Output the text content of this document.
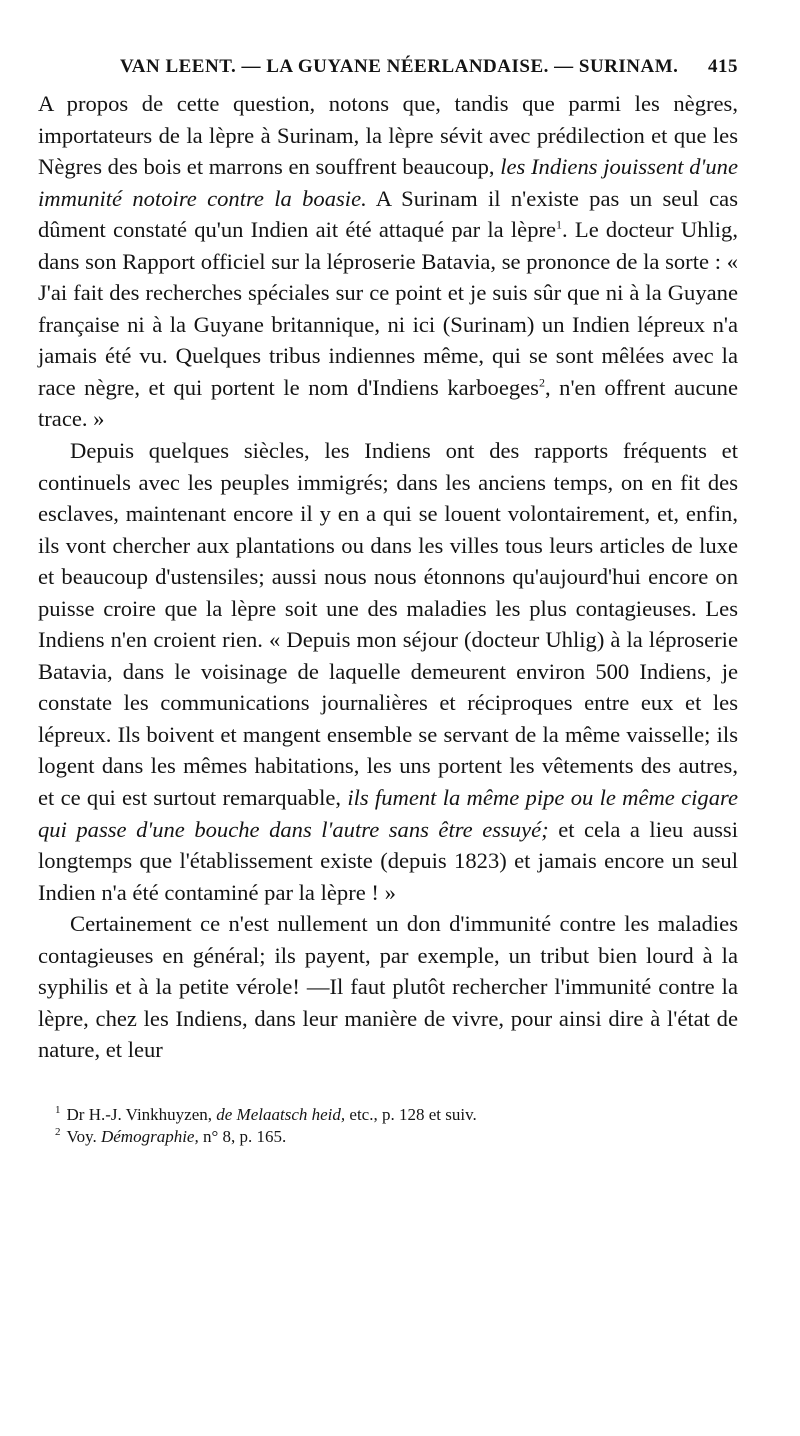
VAN LEENT. — LA GUYANE NÉERLANDAISE. — SURINAM. 415

A propos de cette question, notons que, tandis que parmi les nègres, importateurs de la lèpre à Surinam, la lèpre sévit avec prédilection et que les Nègres des bois et marrons en souffrent beaucoup, les Indiens jouissent d'une immunité notoire contre la boasie. A Surinam il n'existe pas un seul cas dûment constaté qu'un Indien ait été attaqué par la lèpre$^1$. Le docteur Uhlig, dans son Rapport officiel sur la léproserie Batavia, se prononce de la sorte : « J'ai fait des recherches spéciales sur ce point et je suis sûr que ni à la Guyane française ni à la Guyane britannique, ni ici (Surinam) un Indien lépreux n'a jamais été vu. Quelques tribus indiennes même, qui se sont mêlées avec la race nègre, et qui portent le nom d'Indiens karboeges$^2$, n'en offrent aucune trace. »

Depuis quelques siècles, les Indiens ont des rapports fréquents et continuels avec les peuples immigrés; dans les anciens temps, on en fit des esclaves, maintenant encore il y en a qui se louent volontairement, et, enfin, ils vont chercher aux plantations ou dans les villes tous leurs articles de luxe et beaucoup d'ustensiles; aussi nous nous étonnons qu'aujourd'hui encore on puisse croire que la lèpre soit une des maladies les plus contagieuses. Les Indiens n'en croient rien. « Depuis mon séjour (docteur Uhlig) à la léproserie Batavia, dans le voisinage de laquelle demeurent environ 500 Indiens, je constate les communications journalières et réciproques entre eux et les lépreux. Ils boivent et mangent ensemble se servant de la même vaisselle; ils logent dans les mêmes habitations, les uns portent les vêtements des autres, et ce qui est surtout remarquable, ils fument la même pipe ou le même cigare qui passe d'une bouche dans l'autre sans être essuyé; et cela a lieu aussi longtemps que l'établissement existe (depuis 1823) et jamais encore un seul Indien n'a été contaminé par la lèpre ! »

Certainement ce n'est nullement un don d'immunité contre les maladies contagieuses en général; ils payent, par exemple, un tribut bien lourd à la syphilis et à la petite vérole! —Il faut plutôt rechercher l'immunité contre la lèpre, chez les Indiens, dans leur manière de vivre, pour ainsi dire à l'état de nature, et leur

$^1$ Dr H.-J. Vinkhuyzen, de Melaatsch heid, etc., p. 128 et suiv.
$^2$ Voy. Démographie, n° 8, p. 165.
